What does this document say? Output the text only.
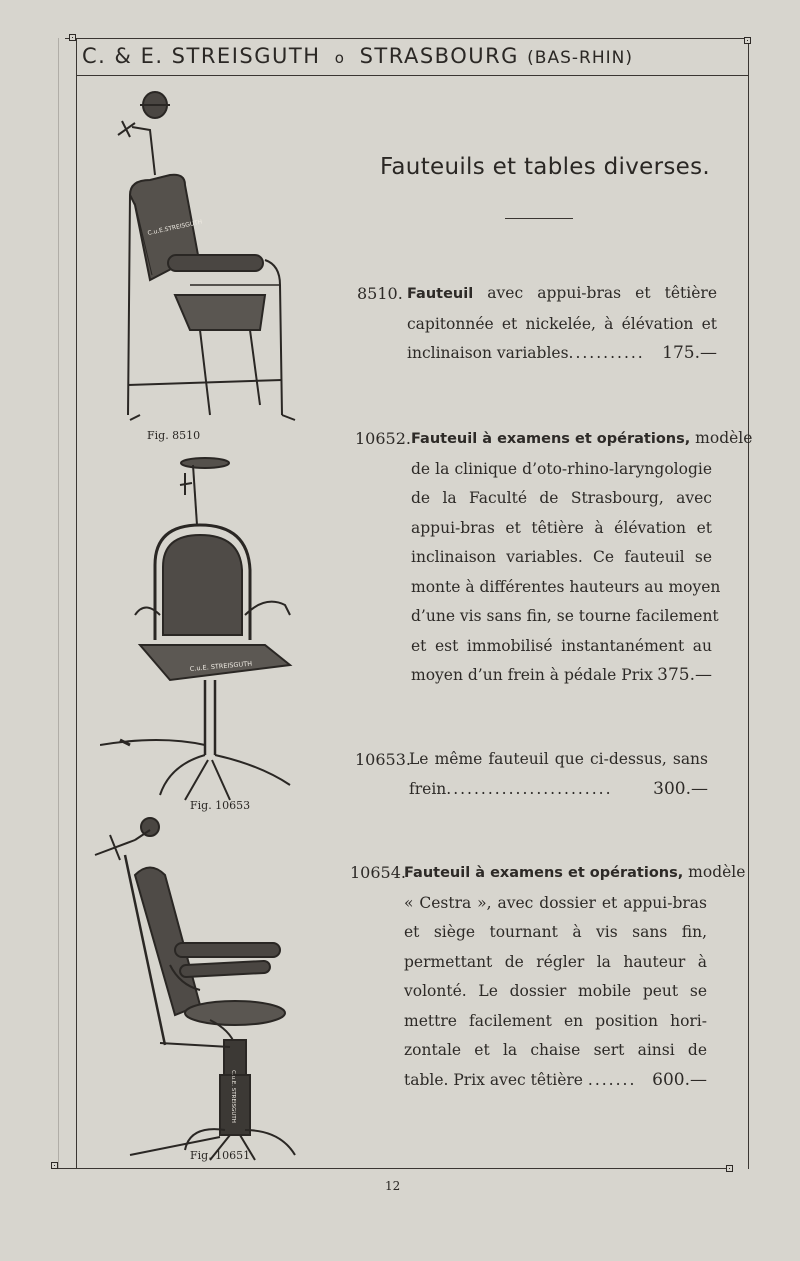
C. & E. STREISGUTH o STRASBOURG (BAS-RHIN)
Fauteuils et tables diverses.
8510. Fauteuil avec appui-bras et têtière
capitonnée et nickelée, à élévation et
inclinaison variables........... 175.—
10652. Fauteuil à examens et opérations, modèle
de la clinique d’oto-rhino-laryngologie
de la Faculté de Strasbourg, avec
appui-bras et têtière à élévation et
inclinaison variables. Ce fauteuil se
monte à différentes hauteurs au moyen
d’une vis sans fin, se tourne facilement
et est immobilisé instantanément au
moyen d’un frein à pédale Prix 375.—
10653.
Le même fauteuil que ci-dessus, sans
frein........................ 300.—
10654.
Fauteuil à examens et opérations, modèle
« Cestra », avec dossier et appui-bras
et siège tournant à vis sans fin,
permettant de régler la hauteur à
volonté. Le dossier mobile peut se
mettre facilement en position hori-
zontale et la chaise sert ainsi de
table. Prix avec têtière ....... 600.—
C.u.E.STREISGUTH
Fig. 8510
C.u.E. STREISGUTH
Fig. 10653
C.u.E. STREISGUTH
Fig. 10651
12
